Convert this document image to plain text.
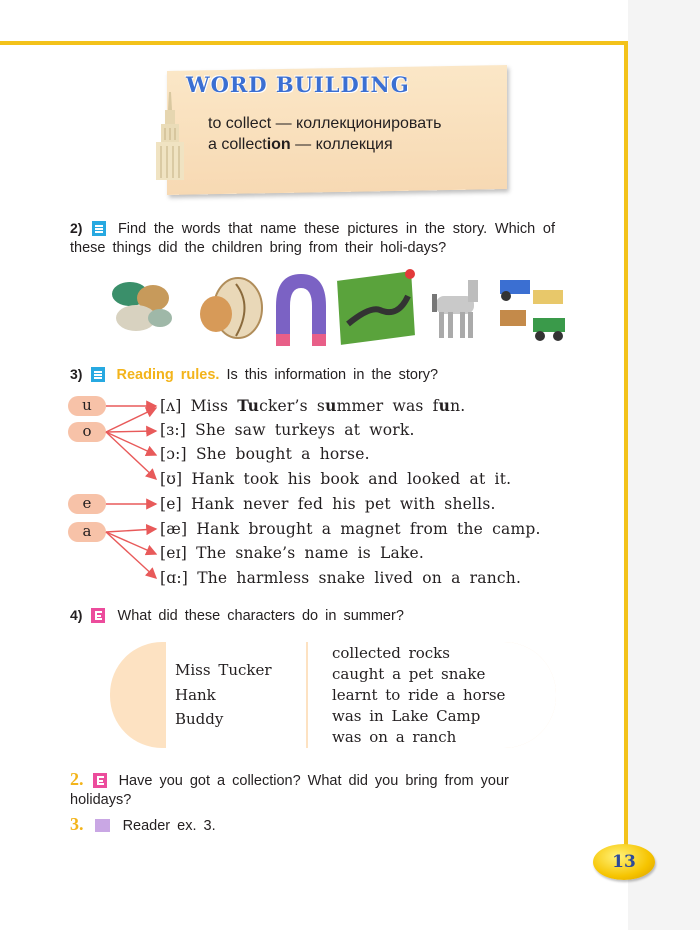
WORD BUILDING
to collect — коллекционировать
a collection — коллекция
2) Find the words that name these pictures in the story. Which of these things did the children bring from their holi-days?
3) Reading rules. Is this information in the story?
u
o
e
a
[ʌ] Miss Tucker’s summer was fun.
[ɜ:] She saw turkeys at work.
[ɔ:] She bought a horse.
[ʊ] Hank took his book and looked at it.
[e] Hank never fed his pet with shells.
[æ] Hank brought a magnet from the camp.
[eɪ] The snake’s name is Lake.
[ɑ:] The harmless snake lived on a ranch.
4) What did these characters do in summer?
Miss Tucker
Hank
Buddy
collected rocks
caught a pet snake
learnt to ride a horse
was in Lake Camp
was on a ranch
2. Have you got a collection? What did you bring from your holidays?
3.	Reader ex. 3.
13
